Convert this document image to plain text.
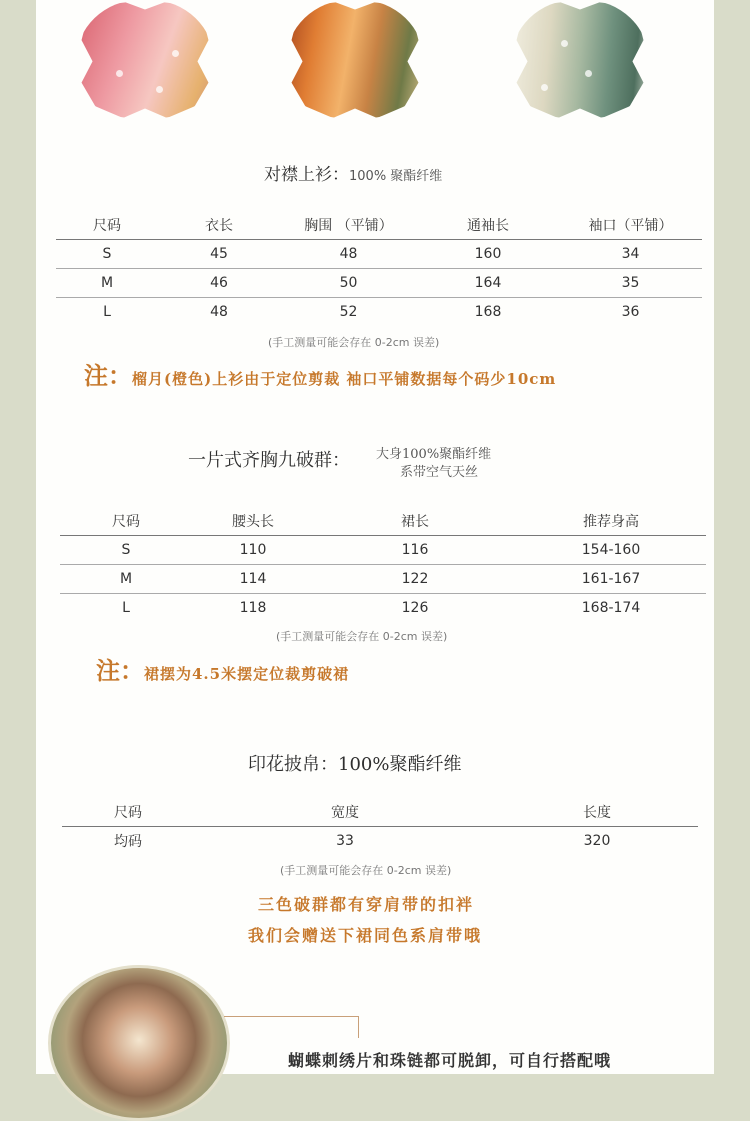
对襟上衫：100% 聚酯纤维
尺码	衣长	胸围 （平铺）	通袖长	袖口（平铺）
S	45	48	160	34
M	46	50	164	35
L	48	52	168	36
(手工测量可能会存在 0-2cm 误差)
注：榴月(橙色)上衫由于定位剪裁 袖口平铺数据每个码少10cm
一片式齐胸九破群： 大身100%聚酯纤维
系带空气天丝
尺码	腰头长	裙长	推荐身高
S	110	116	154-160
M	114	122	161-167
L	118	126	168-174
(手工测量可能会存在 0-2cm 误差)
注：裙摆为4.5米摆定位裁剪破裙
印花披帛：100%聚酯纤维
尺码	宽度	长度
均码	33	320
(手工测量可能会存在 0-2cm 误差)
三色破群都有穿肩带的扣袢
我们会赠送下裙同色系肩带哦
蝴蝶刺绣片和珠链都可脱卸，可自行搭配哦
